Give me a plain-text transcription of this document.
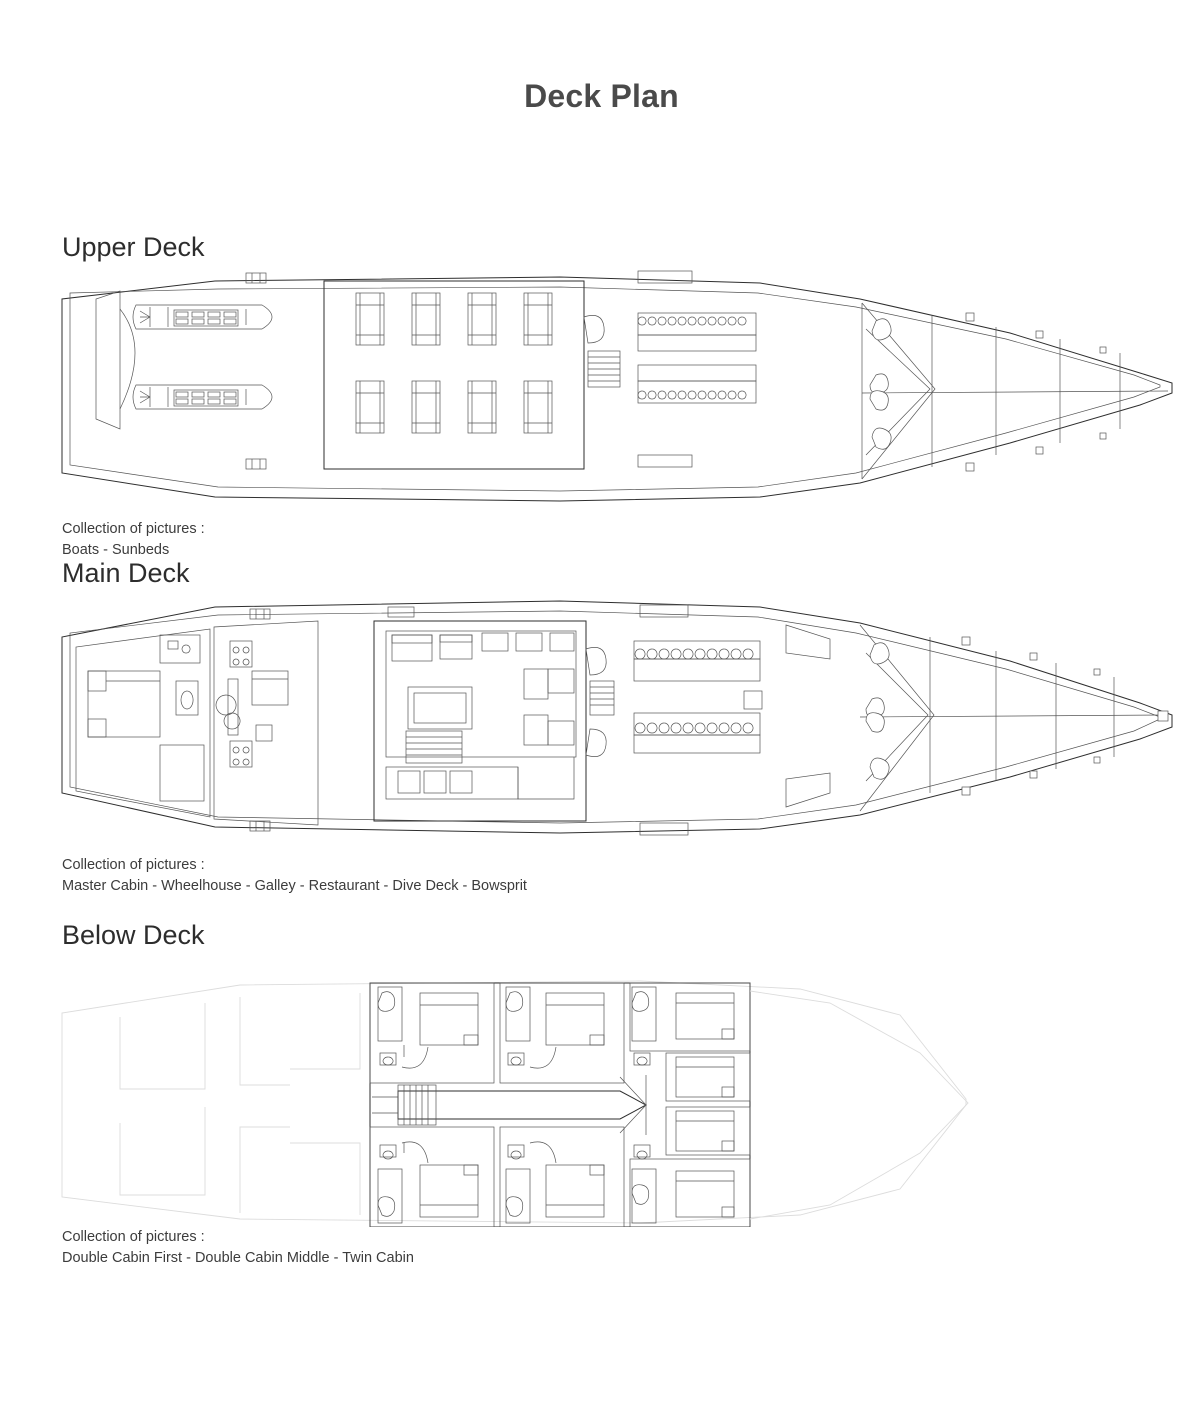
Deck Plan
Upper Deck
Collection of pictures :
Boats - Sunbeds
Main Deck
Collection of pictures :
Master Cabin - Wheelhouse - Galley - Restaurant - Dive Deck - Bowsprit
Below Deck
Collection of pictures :
Double Cabin First - Double Cabin Middle - Twin Cabin
